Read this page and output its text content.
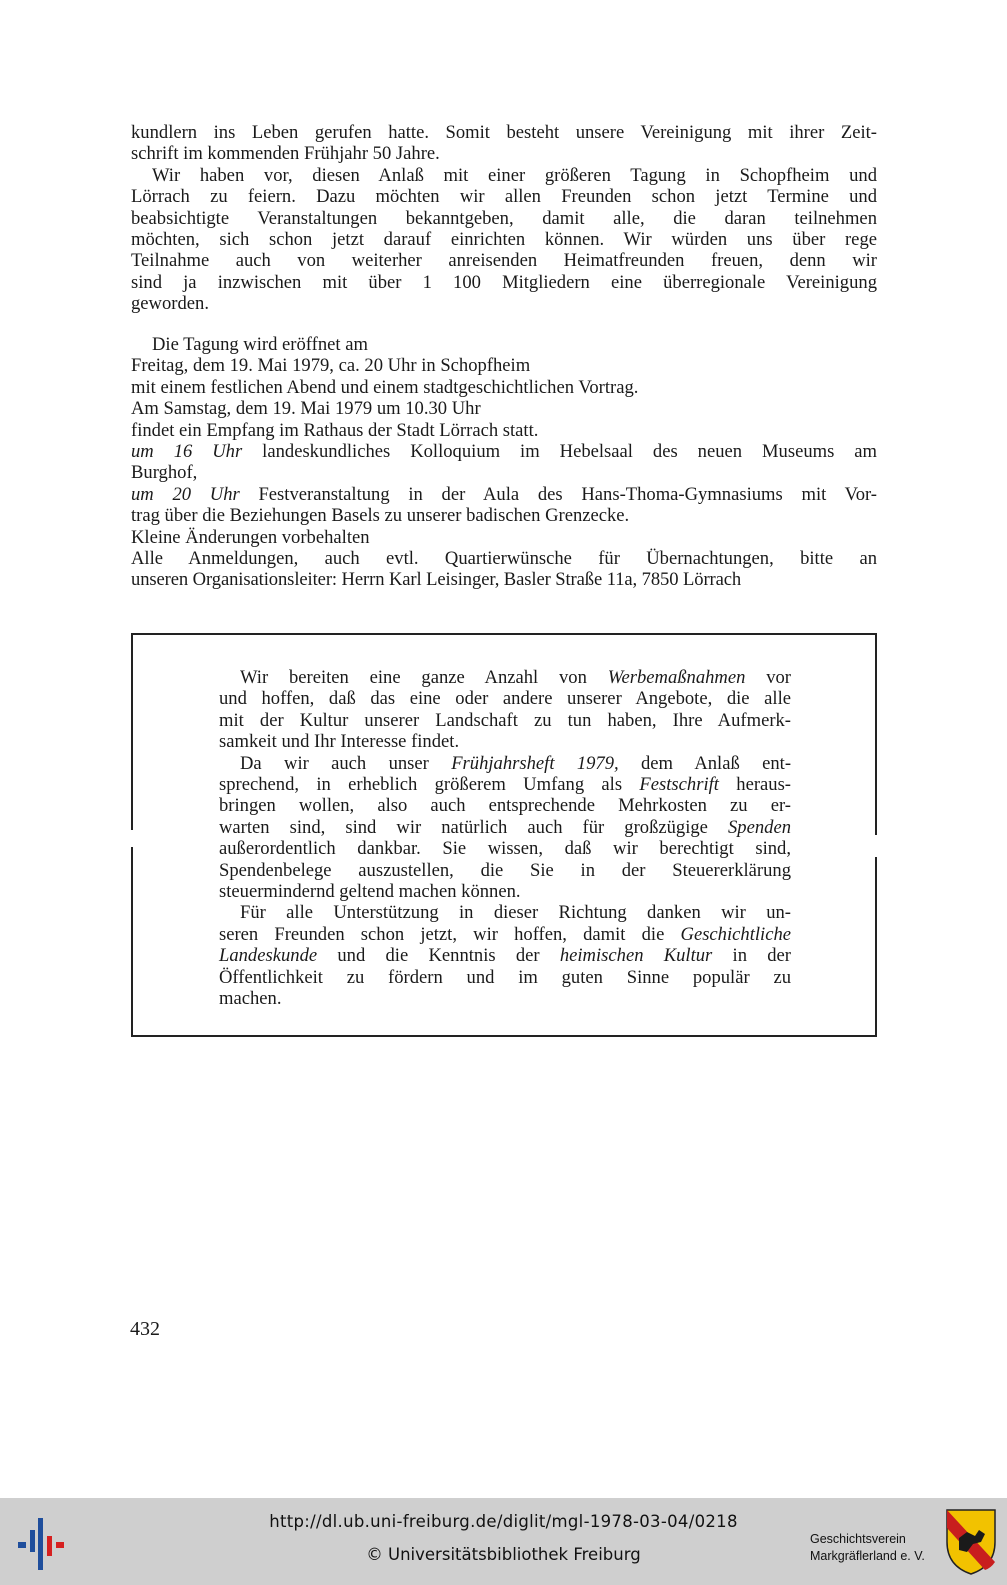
kundlern ins Leben gerufen hatte. Somit besteht unsere Vereinigung mit ihrer Zeit-
schrift im kommenden Frühjahr 50 Jahre.

Wir haben vor, diesen Anlaß mit einer größeren Tagung in Schopfheim und
Lörrach zu feiern. Dazu möchten wir allen Freunden schon jetzt Termine und
beabsichtigte Veranstaltungen bekanntgeben, damit alle, die daran teilnehmen
möchten, sich schon jetzt darauf einrichten können. Wir würden uns über rege
Teilnahme auch von weiterher anreisenden Heimatfreunden freuen, denn wir
sind ja inzwischen mit über 1 100 Mitgliedern eine überregionale Vereinigung
geworden.

Die Tagung wird eröffnet am
Freitag, dem 19. Mai 1979, ca. 20 Uhr in Schopfheim
mit einem festlichen Abend und einem stadtgeschichtlichen Vortrag.
Am Samstag, dem 19. Mai 1979 um 10.30 Uhr
findet ein Empfang im Rathaus der Stadt Lörrach statt.
um 16 Uhr landeskundliches Kolloquium im Hebelsaal des neuen Museums am
Burghof,
um 20 Uhr Festveranstaltung in der Aula des Hans-Thoma-Gymnasiums mit Vor-
trag über die Beziehungen Basels zu unserer badischen Grenzecke.
Kleine Änderungen vorbehalten
Alle Anmeldungen, auch evtl. Quartierwünsche für Übernachtungen, bitte an
unseren Organisationsleiter: Herrn Karl Leisinger, Basler Straße 11a, 7850 Lörrach

Wir bereiten eine ganze Anzahl von Werbemaßnahmen vor
und hoffen, daß das eine oder andere unserer Angebote, die alle
mit der Kultur unserer Landschaft zu tun haben, Ihre Aufmerk-
samkeit und Ihr Interesse findet.

Da wir auch unser Frühjahrsheft 1979, dem Anlaß ent-
sprechend, in erheblich größerem Umfang als Festschrift heraus-
bringen wollen, also auch entsprechende Mehrkosten zu er-
warten sind, sind wir natürlich auch für großzügige Spenden
außerordentlich dankbar. Sie wissen, daß wir berechtigt sind,
Spendenbelege auszustellen, die Sie in der Steuererklärung
steuermindernd geltend machen können.

Für alle Unterstützung in dieser Richtung danken wir un-
seren Freunden schon jetzt, wir hoffen, damit die Geschichtliche
Landeskunde und die Kenntnis der heimischen Kultur in der
Öffentlichkeit zu fördern und im guten Sinne populär zu
machen.

432
http://dl.ub.uni-freiburg.de/diglit/mgl-1978-03-04/0218
© Universitätsbibliothek Freiburg
Geschichtsverein
Markgräflerland e. V.
